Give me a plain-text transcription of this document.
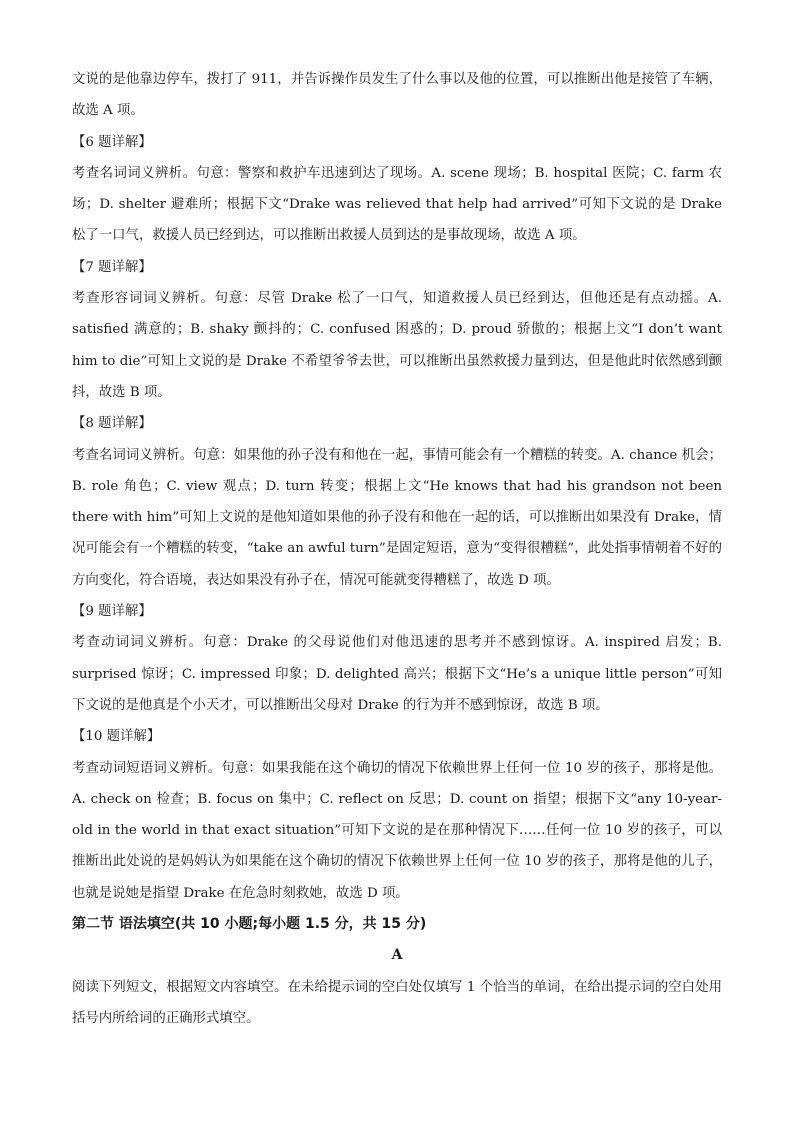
文说的是他靠边停车，拨打了 911，并告诉操作员发生了什么事以及他的位置，可以推断出他是接管了车辆，故选 A 项。

【6 题详解】

考查名词词义辨析。句意：警察和救护车迅速到达了现场。A. scene 现场；B. hospital 医院；C. farm 农场；D. shelter 避难所；根据下文“Drake was relieved that help had arrived”可知下文说的是 Drake 松了一口气，救援人员已经到达，可以推断出救援人员到达的是事故现场，故选 A 项。

【7 题详解】

考查形容词词义辨析。句意：尽管 Drake 松了一口气，知道救援人员已经到达，但他还是有点动摇。A. satisfied 满意的；B. shaky 颤抖的；C. confused 困惑的；D. proud 骄傲的；根据上文“I don’t want him to die”可知上文说的是 Drake 不希望爷爷去世，可以推断出虽然救援力量到达，但是他此时依然感到颤抖，故选 B 项。

【8 题详解】

考查名词词义辨析。句意：如果他的孙子没有和他在一起，事情可能会有一个糟糕的转变。A. chance 机会；B. role 角色；C. view 观点；D. turn 转变；根据上文“He knows that had his grandson not been there with him”可知上文说的是他知道如果他的孙子没有和他在一起的话，可以推断出如果没有 Drake，情况可能会有一个糟糕的转变，“take an awful turn”是固定短语，意为“变得很糟糕”，此处指事情朝着不好的方向变化，符合语境，表达如果没有孙子在，情况可能就变得糟糕了，故选 D 项。

【9 题详解】

考查动词词义辨析。句意：Drake 的父母说他们对他迅速的思考并不感到惊讶。A. inspired 启发；B. surprised 惊讶；C. impressed 印象；D. delighted 高兴；根据下文“He’s a unique little person”可知下文说的是他真是个小天才，可以推断出父母对 Drake 的行为并不感到惊讶，故选 B 项。

【10 题详解】

考查动词短语词义辨析。句意：如果我能在这个确切的情况下依赖世界上任何一位 10 岁的孩子，那将是他。A. check on 检查；B. focus on 集中；C. reflect on 反思；D. count on 指望；根据下文“any 10-year-old in the world in that exact situation”可知下文说的是在那种情况下……任何一位 10 岁的孩子，可以推断出此处说的是妈妈认为如果能在这个确切的情况下依赖世界上任何一位 10 岁的孩子，那将是他的儿子，也就是说她是指望 Drake 在危急时刻救她，故选 D 项。

第二节 语法填空(共 10 小题;每小题 1.5 分，共 15 分)

A

阅读下列短文，根据短文内容填空。在未给提示词的空白处仅填写 1 个恰当的单词，在给出提示词的空白处用括号内所给词的正确形式填空。
